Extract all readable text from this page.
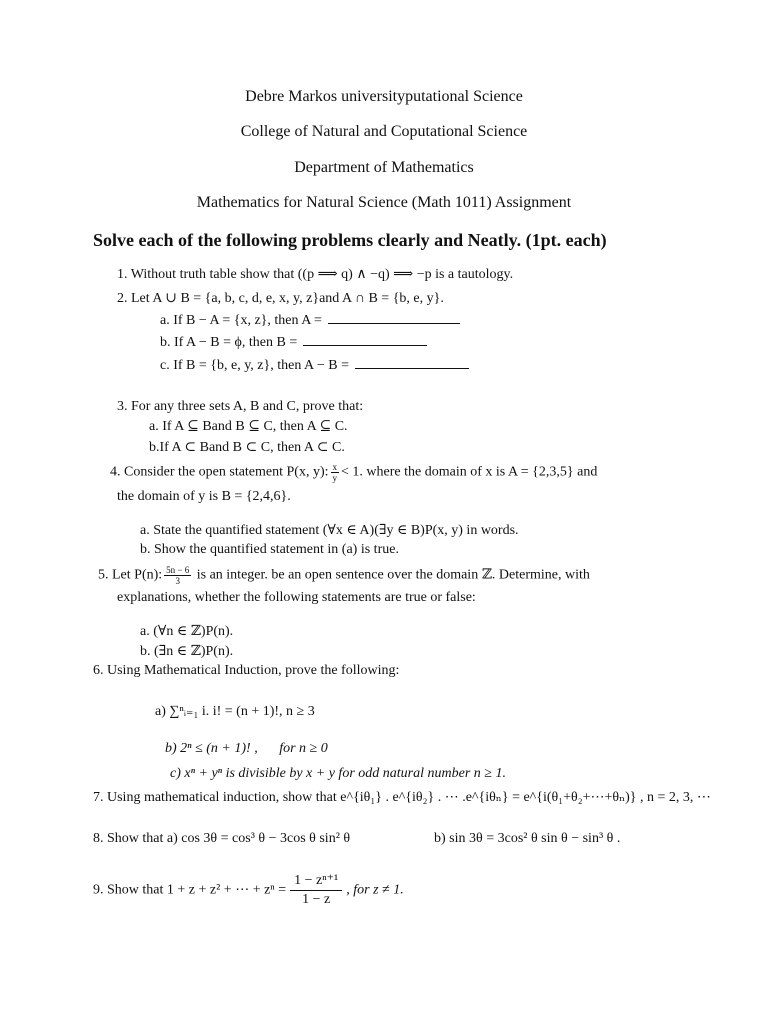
Debre Markos universityputational Science
College of Natural and Coputational Science
Department of Mathematics
Mathematics for Natural Science (Math 1011) Assignment
Solve each of the following problems clearly and Neatly. (1pt. each)
1. Without truth table show that ((p ⟹ q) ∧ −q) ⟹ −p is a tautology.
2. Let A ∪ B = {a, b, c, d, e, x, y, z}and A ∩ B = {b, e, y}.
a. If B − A = {x, z}, then A =
b. If A − B = ϕ, then B =
c. If B = {b, e, y, z}, then A − B =
3. For any three sets A, B and C, prove that:
a. If A ⊆ Band B ⊆ C, then A ⊆ C.
b.If A ⊂ Band B ⊂ C, then A ⊂ C.
4. Consider the open statement P(x, y): $\frac{x}{y} < 1$. where the domain of x is A = {2,3,5} and
the domain of y is B = {2,4,6}.
a. State the quantified statement (∀x ∈ A)(∃y ∈ B)P(x, y) in words.
b. Show the quantified statement in (a) is true.
5. Let P(n): $\frac{5n - 6}{3}$ is an integer. be an open sentence over the domain ℤ. Determine, with
explanations, whether the following statements are true or false:
a. (∀n ∈ ℤ)P(n).
b. (∃n ∈ ℤ)P(n).
6. Using Mathematical Induction, prove the following:
a) ∑ⁿᵢ₌₁ i. i! = (n + 1)!, n ≥ 3
b) 2ⁿ ≤ (n + 1)! , for n ≥ 0
c) xⁿ + yⁿ is divisible by x + y for odd natural number n ≥ 1.
7. Using mathematical induction, show that e^{iθ₁} . e^{iθ₂} . ⋯ .e^{iθₙ} = e^{i(θ₁+θ₂+⋯+θₙ)} , n = 2, 3, ⋯
8. Show that a) cos 3θ = cos³ θ − 3cos θ sin² θ	b) sin 3θ = 3cos² θ sin θ − sin³ θ .
9. Show that 1 + z + z² + ⋯ + $z^n = \frac{\text{1 − zⁿ⁺¹}}{1 - z}$ , for z ≠ 1.
